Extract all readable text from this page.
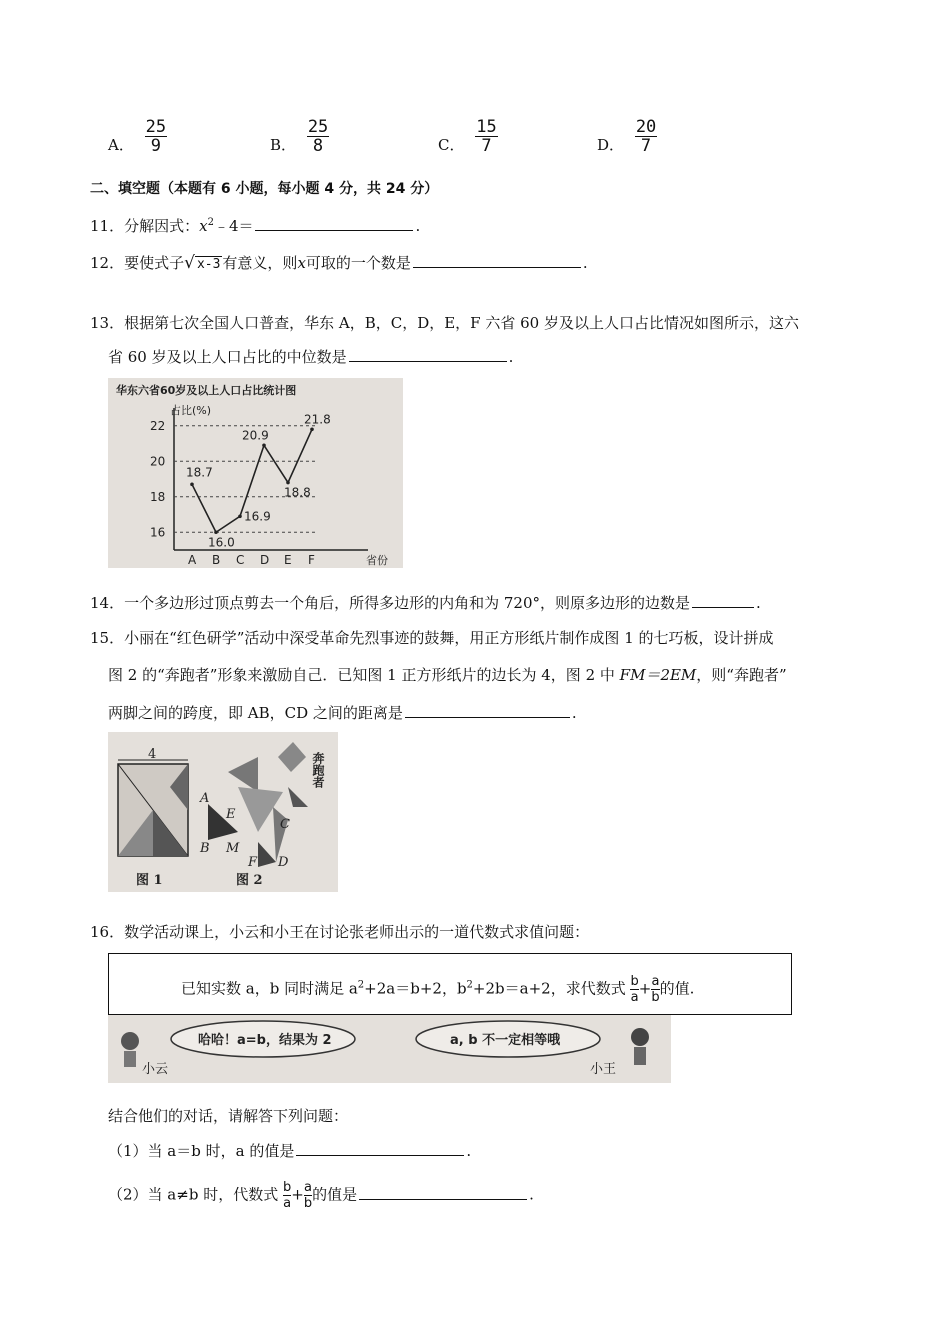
A． $\frac{25}{9}$	B． $\frac{25}{8}$	C． $\frac{15}{7}$	D． $\frac{20}{7}$
二、填空题（本题有 6 小题，每小题 4 分，共 24 分）
11．分解因式：$x^2﹣4=$	.
12．要使式子√ x-3 有意义，则x可取的一个数是	.
13．根据第七次全国人口普查，华东 A，B，C，D，E，F 六省 60 岁及以上人口占比情况如图所示，这六
省 60 岁及以上人口占比的中位数是	.
华东六省60岁及以上人口占比统计图
占比(%)
省份
16
18
20
22
A B C D E F
18.7
16.0
16.9
20.9
18.8
21.8
14．一个多边形过顶点剪去一个角后，所得多边形的内角和为 720°，则原多边形的边数是	.
15．小丽在“红色研学”活动中深受革命先烈事迹的鼓舞，用正方形纸片制作成图 1 的七巧板，设计拼成
图 2 的“奔跑者”形象来激励自己．已知图 1 正方形纸片的边长为 4，图 2 中 FM＝2EM，则“奔跑者”
两脚之间的跨度，即 AB，CD 之间的距离是	.
4
图 1
奔跑者
A
E
C
B M
F D
图 2
16．数学活动课上，小云和小王在讨论张老师出示的一道代数式求值问题：
已知实数 a，b 同时满足 $a^2+2a=b+2$，$b^2+2b=a+2$，求代数式 $\frac{b}{a}+ \frac{a}{b}$的值.
小云
哈哈！a=b，结果为 2	a, b 不一定相等哦
小王
结合他们的对话，请解答下列问题：
（1）当 a＝b 时，a 的值是	.
（2）当 a≠b 时，代数式 $\frac{b}{a}+ \frac{a}{b}$的值是	.
